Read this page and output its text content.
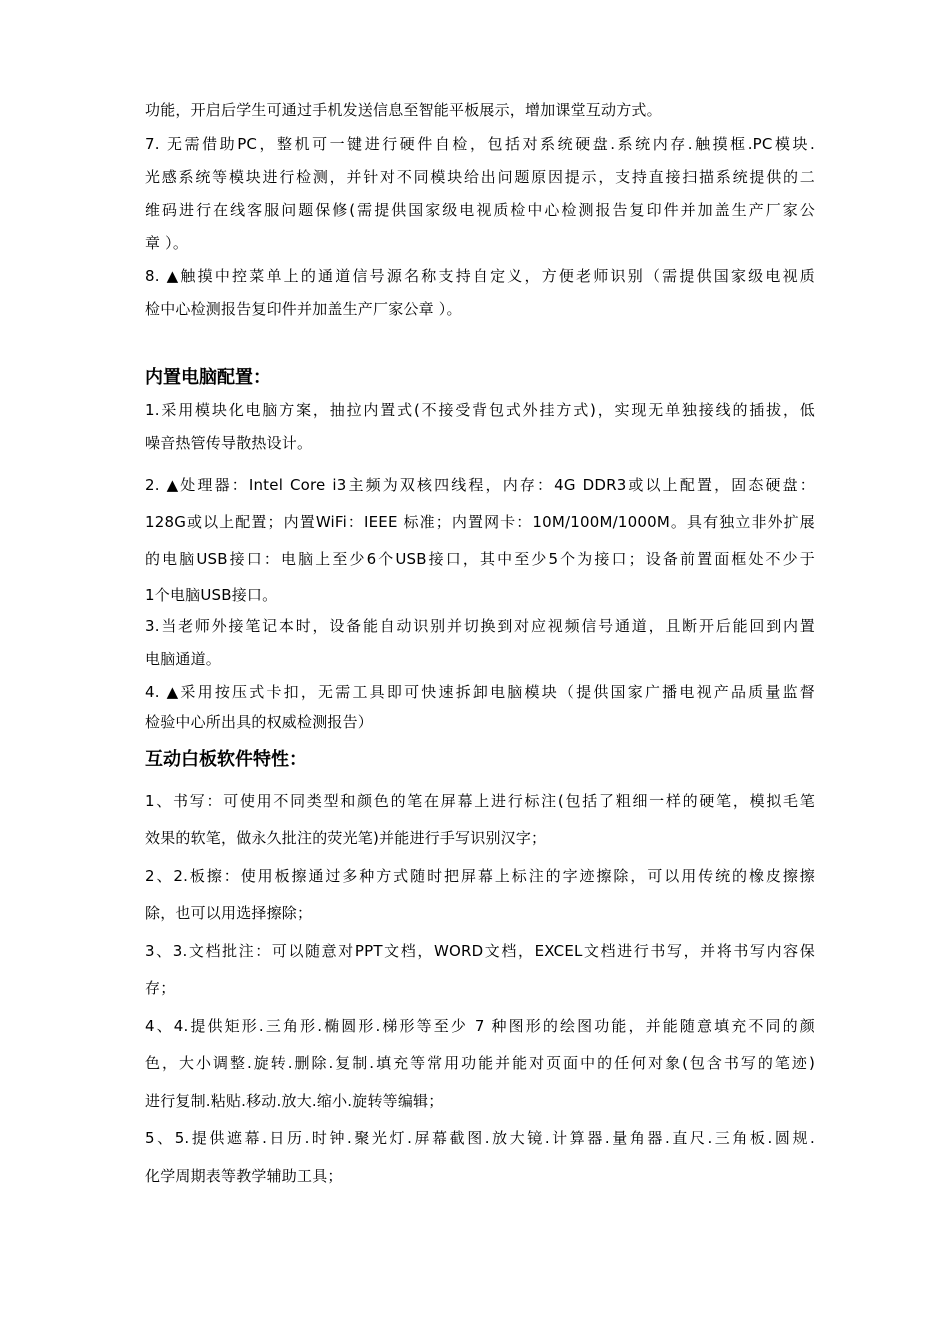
功能，开启后学生可通过手机发送信息至智能平板展示，增加课堂互动方式。
7. 无需借助PC，整机可一键进行硬件自检，包括对系统硬盘.系统内存.触摸框.PC模块.
光感系统等模块进行检测，并针对不同模块给出问题原因提示，支持直接扫描系统提供的二
维码进行在线客服问题保修(需提供国家级电视质检中心检测报告复印件并加盖生产厂家公
章 ）。
8. ▲触摸中控菜单上的通道信号源名称支持自定义，方便老师识别（需提供国家级电视质
检中心检测报告复印件并加盖生产厂家公章 ）。
内置电脑配置：
1.采用模块化电脑方案，抽拉内置式(不接受背包式外挂方式)，实现无单独接线的插拔，低
噪音热管传导散热设计。
2. ▲处理器：Intel Core i3主频为双核四线程，内存：4G DDR3或以上配置，固态硬盘：
128G或以上配置；内置WiFi：IEEE 标准；内置网卡：10M/100M/1000M。具有独立非外扩展
的电脑USB接口：电脑上至少6个USB接口，其中至少5个为接口；设备前置面框处不少于
1个电脑USB接口。
3.当老师外接笔记本时，设备能自动识别并切换到对应视频信号通道，且断开后能回到内置
电脑通道。
4. ▲采用按压式卡扣，无需工具即可快速拆卸电脑模块（提供国家广播电视产品质量监督
检验中心所出具的权威检测报告）
互动白板软件特性：
1、书写：可使用不同类型和颜色的笔在屏幕上进行标注(包括了粗细一样的硬笔，模拟毛笔
效果的软笔，做永久批注的荧光笔)并能进行手写识别汉字；
2、2.板擦：使用板擦通过多种方式随时把屏幕上标注的字迹擦除，可以用传统的橡皮擦擦
除，也可以用选择擦除；
3、3.文档批注：可以随意对PPT文档，WORD文档，EXCEL文档进行书写，并将书写内容保
存；
4、4.提供矩形.三角形.椭圆形.梯形等至少 7 种图形的绘图功能，并能随意填充不同的颜
色，大小调整.旋转.删除.复制.填充等常用功能并能对页面中的任何对象(包含书写的笔迹)
进行复制.粘贴.移动.放大.缩小.旋转等编辑；
5、5.提供遮幕.日历.时钟.聚光灯.屏幕截图.放大镜.计算器.量角器.直尺.三角板.圆规.
化学周期表等教学辅助工具；
